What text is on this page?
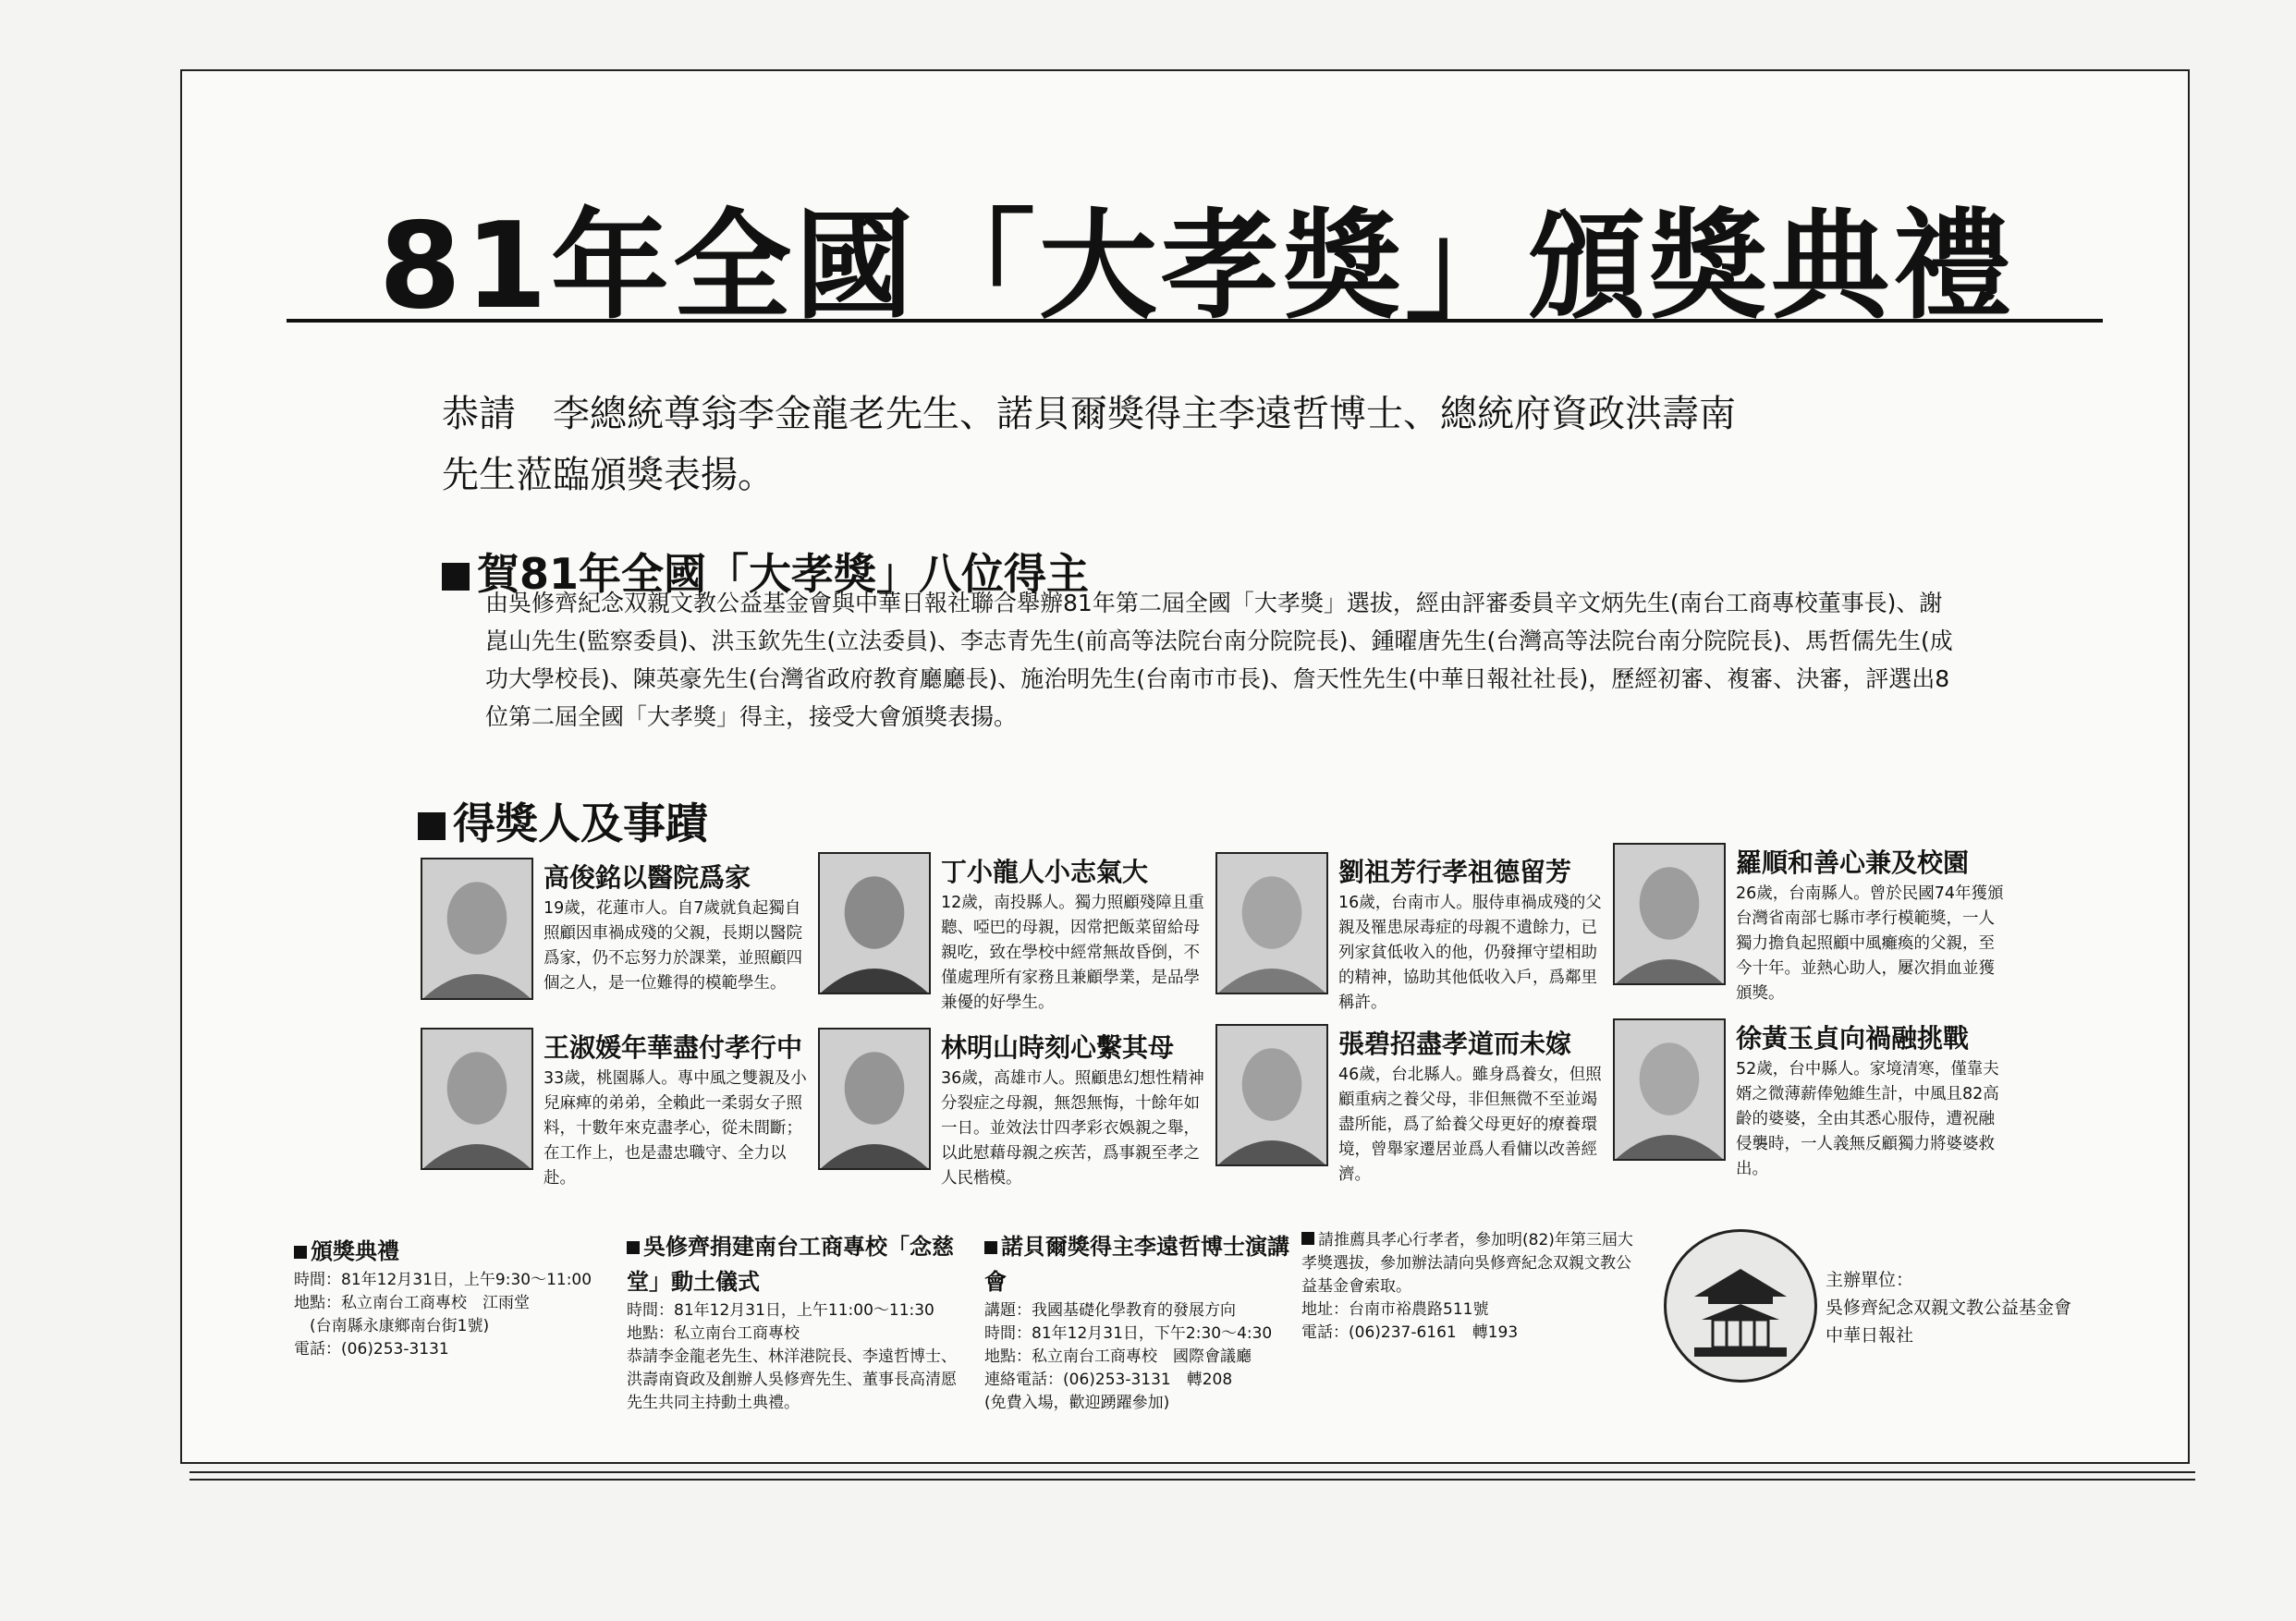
81年全國「大孝獎」頒獎典禮
恭請　李總統尊翁李金龍老先生、諾貝爾獎得主李遠哲博士、總統府資政洪壽南
先生蒞臨頒獎表揚。
賀81年全國「大孝獎」八位得主
由吳修齊紀念双親文教公益基金會與中華日報社聯合舉辦81年第二屆全國「大孝獎」選拔，經由評審委員辛文炳先生(南台工商專校董事長)、謝崑山先生(監察委員)、洪玉欽先生(立法委員)、李志青先生(前高等法院台南分院院長)、鍾曜唐先生(台灣高等法院台南分院院長)、馬哲儒先生(成功大學校長)、陳英豪先生(台灣省政府教育廳廳長)、施治明先生(台南市市長)、詹天性先生(中華日報社社長)，歷經初審、複審、決審，評選出8位第二屆全國「大孝獎」得主，接受大會頒獎表揚。
得獎人及事蹟
高俊銘以醫院爲家
19歲，花蓮市人。自7歲就負起獨自照顧因車禍成殘的父親，長期以醫院爲家，仍不忘努力於課業，並照顧四個之人，是一位難得的模範學生。
丁小龍人小志氣大
12歲，南投縣人。獨力照顧殘障且重聽、啞巴的母親，因常把飯菜留給母親吃，致在學校中經常無故昏倒，不僅處理所有家務且兼顧學業，是品學兼優的好學生。
劉祖芳行孝祖德留芳
16歲，台南市人。服侍車禍成殘的父親及罹患尿毒症的母親不遺餘力，已列家貧低收入的他，仍發揮守望相助的精神，協助其他低收入戶，爲鄰里稱許。
羅順和善心兼及校園
26歲，台南縣人。曾於民國74年獲頒台灣省南部七縣市孝行模範獎，一人獨力擔負起照顧中風癱瘓的父親，至今十年。並熱心助人，屢次捐血並獲頒獎。
王淑媛年華盡付孝行中
33歲，桃園縣人。專中風之雙親及小兒麻痺的弟弟，全賴此一柔弱女子照料，十數年來克盡孝心，從未間斷；在工作上，也是盡忠職守、全力以赴。
林明山時刻心繫其母
36歲，高雄市人。照顧患幻想性精神分裂症之母親，無怨無悔，十餘年如一日。並效法廿四孝彩衣娛親之舉，以此慰藉母親之疾苦，爲事親至孝之人民楷模。
張碧招盡孝道而未嫁
46歲，台北縣人。雖身爲養女，但照顧重病之養父母，非但無微不至並竭盡所能，爲了給養父母更好的療養環境，曾舉家遷居並爲人看傭以改善經濟。
徐黃玉貞向禍融挑戰
52歲，台中縣人。家境清寒，僅靠夫婿之微薄薪俸勉維生計，中風且82高齡的婆婆，全由其悉心服侍，遭祝融侵襲時，一人義無反顧獨力將婆婆救出。
頒獎典禮
時間：81年12月31日，上午9:30～11:00
地點：私立南台工商專校　江雨堂
　(台南縣永康鄉南台街1號)
電話：(06)253-3131
吳修齊捐建南台工商專校「念慈堂」動土儀式
時間：81年12月31日，上午11:00～11:30
地點：私立南台工商專校
恭請李金龍老先生、林洋港院長、李遠哲博士、洪壽南資政及創辦人吳修齊先生、董事長高清愿先生共同主持動土典禮。
諾貝爾獎得主李遠哲博士演講會
講題：我國基礎化學教育的發展方向
時間：81年12月31日，下午2:30～4:30
地點：私立南台工商專校　國際會議廳
連絡電話：(06)253-3131　轉208
(免費入場，歡迎踴躍參加)
請推薦具孝心行孝者，參加明(82)年第三屆大孝獎選拔，參加辦法請向吳修齊紀念双親文教公益基金會索取。
地址：台南市裕農路511號
電話：(06)237-6161　轉193
主辦單位：
吳修齊紀念双親文教公益基金會
中華日報社
